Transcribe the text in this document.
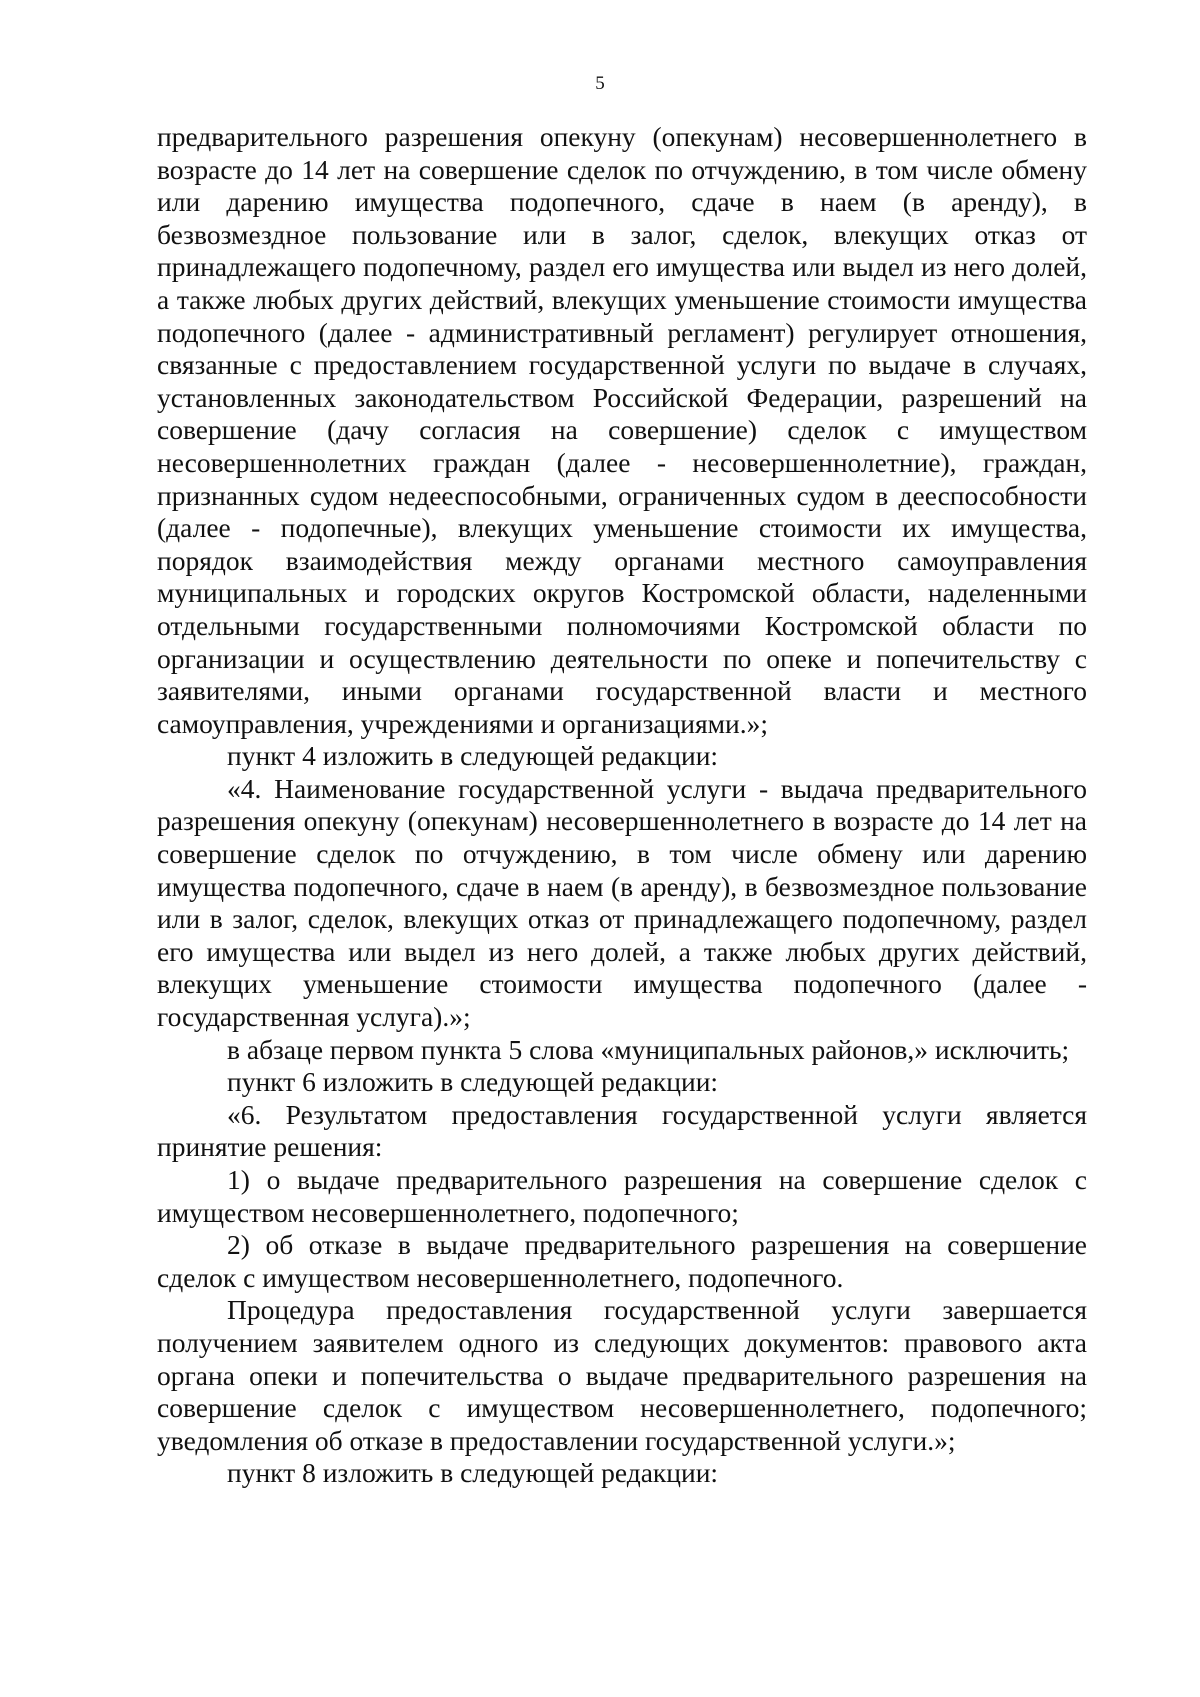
5

предварительного разрешения опекуну (опекунам) несовершеннолетнего в возрасте до 14 лет на совершение сделок по отчуждению, в том числе обмену или дарению имущества подопечного, сдаче в наем (в аренду), в безвозмездное пользование или в залог, сделок, влекущих отказ от принадлежащего подопечному, раздел его имущества или выдел из него долей, а также любых других действий, влекущих уменьшение стоимости имущества подопечного (далее - административный регламент) регулирует отношения, связанные с предоставлением государственной услуги по выдаче в случаях, установленных законодательством Российской Федерации, разрешений на совершение (дачу согласия на совершение) сделок с имуществом несовершеннолетних граждан (далее - несовершеннолетние), граждан, признанных судом недееспособными, ограниченных судом в дееспособности (далее - подопечные), влекущих уменьшение стоимости их имущества, порядок взаимодействия между органами местного самоуправления муниципальных и городских округов Костромской области, наделенными отдельными государственными полномочиями Костромской области по организации и осуществлению деятельности по опеке и попечительству с заявителями, иными органами государственной власти и местного самоуправления, учреждениями и организациями.»;

пункт 4 изложить в следующей редакции:

«4. Наименование государственной услуги - выдача предварительного разрешения опекуну (опекунам) несовершеннолетнего в возрасте до 14 лет на совершение сделок по отчуждению, в том числе обмену или дарению имущества подопечного, сдаче в наем (в аренду), в безвозмездное пользование или в залог, сделок, влекущих отказ от принадлежащего подопечному, раздел его имущества или выдел из него долей, а также любых других действий, влекущих уменьшение стоимости имущества подопечного (далее - государственная услуга).»;

в абзаце первом пункта 5 слова «муниципальных районов,» исключить;

пункт 6 изложить в следующей редакции:

«6. Результатом предоставления государственной услуги является принятие решения:

1) о выдаче предварительного разрешения на совершение сделок с имуществом несовершеннолетнего, подопечного;

2) об отказе в выдаче предварительного разрешения на совершение сделок с имуществом несовершеннолетнего, подопечного.

Процедура предоставления государственной услуги завершается получением заявителем одного из следующих документов: правового акта органа опеки и попечительства о выдаче предварительного разрешения на совершение сделок с имуществом несовершеннолетнего, подопечного; уведомления об отказе в предоставлении государственной услуги.»;

пункт 8 изложить в следующей редакции:
